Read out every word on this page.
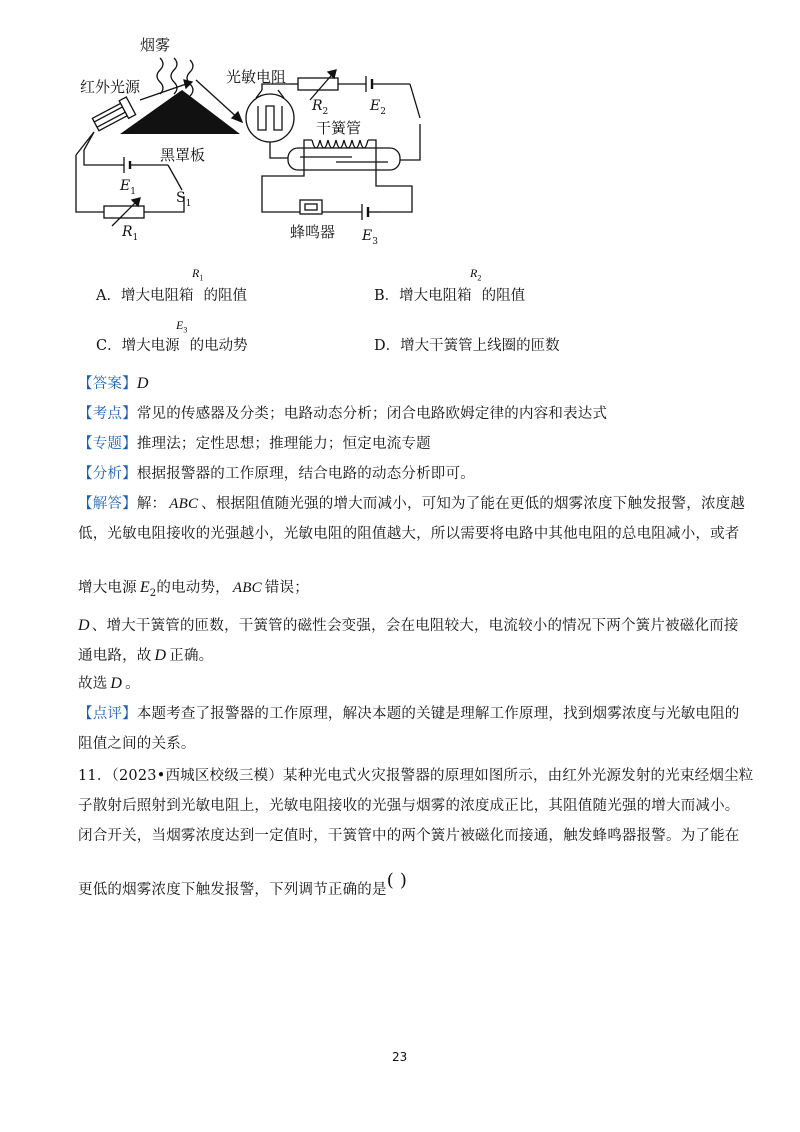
烟雾
红外光源
光敏电阻
黑罩板
干簧管
蜂鸣器
$R_2$	$E_2$
$E_1$	$S_1$
$R_1$	$E_3$
A．增大电阻箱
$R_1$
的阻值	B．增大电阻箱
$R_2$
的阻值
C．增大电源
$E_3$
的电动势	D．增大干簧管上线圈的匝数
【答案】D
【考点】常见的传感器及分类；电路动态分析；闭合电路欧姆定律的内容和表达式
【专题】推理法；定性思想；推理能力；恒定电流专题
【分析】根据报警器的工作原理，结合电路的动态分析即可。
【解答】解： ABC 、根据阻值随光强的增大而减小，可知为了能在更低的烟雾浓度下触发报警，浓度越
低，光敏电阻接收的光强越小，光敏电阻的阻值越大，所以需要将电路中其他电阻的总电阻减小，或者
增大电源 $E_2$的电动势， ABC 错误；
D 、增大干簧管的匝数，干簧管的磁性会变强，会在电阻较大，电流较小的情况下两个簧片被磁化而接
通电路，故 D 正确。
故选 D 。
【点评】本题考查了报警器的工作原理，解决本题的关键是理解工作原理，找到烟雾浓度与光敏电阻的
阻值之间的关系。
11．（2023•西城区校级三模）某种光电式火灾报警器的原理如图所示，由红外光源发射的光束经烟尘粒
子散射后照射到光敏电阻上，光敏电阻接收的光强与烟雾的浓度成正比，其阻值随光强的增大而减小。
闭合开关，当烟雾浓度达到一定值时，干簧管中的两个簧片被磁化而接通，触发蜂鸣器报警。为了能在
更低的烟雾浓度下触发报警，下列调节正确的是( )
23
